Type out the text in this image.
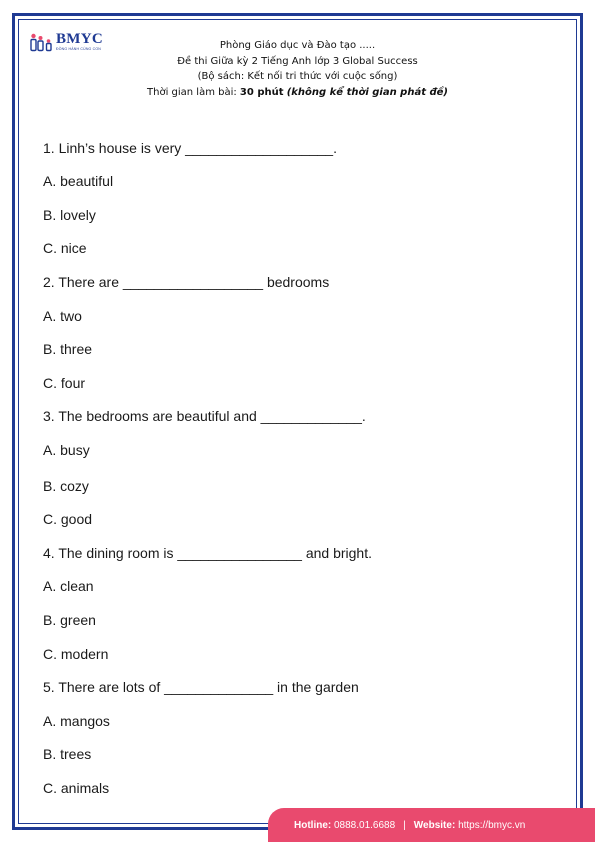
BMYC
ĐỒNG HÀNH CÙNG CON	Phòng Giáo dục và Đào tạo .....
Đề thi Giữa kỳ 2 Tiếng Anh lớp 3 Global Success
(Bộ sách: Kết nối tri thức với cuộc sống)
Thời gian làm bài: 30 phút (không kể thời gian phát đề)
1. Linh’s house is very ___________________.
A. beautiful
B. lovely
C. nice
2. There are __________________ bedrooms
A. two
B. three
C. four
3. The bedrooms are beautiful and _____________.
A. busy
B. cozy
C. good
4. The dining room is ________________ and bright.
A. clean
B. green
C. modern
5. There are lots of ______________ in the garden
A. mangos
B. trees
C. animals
Hotline:
0888.01.6688 | Website:
https://bmyc.vn
